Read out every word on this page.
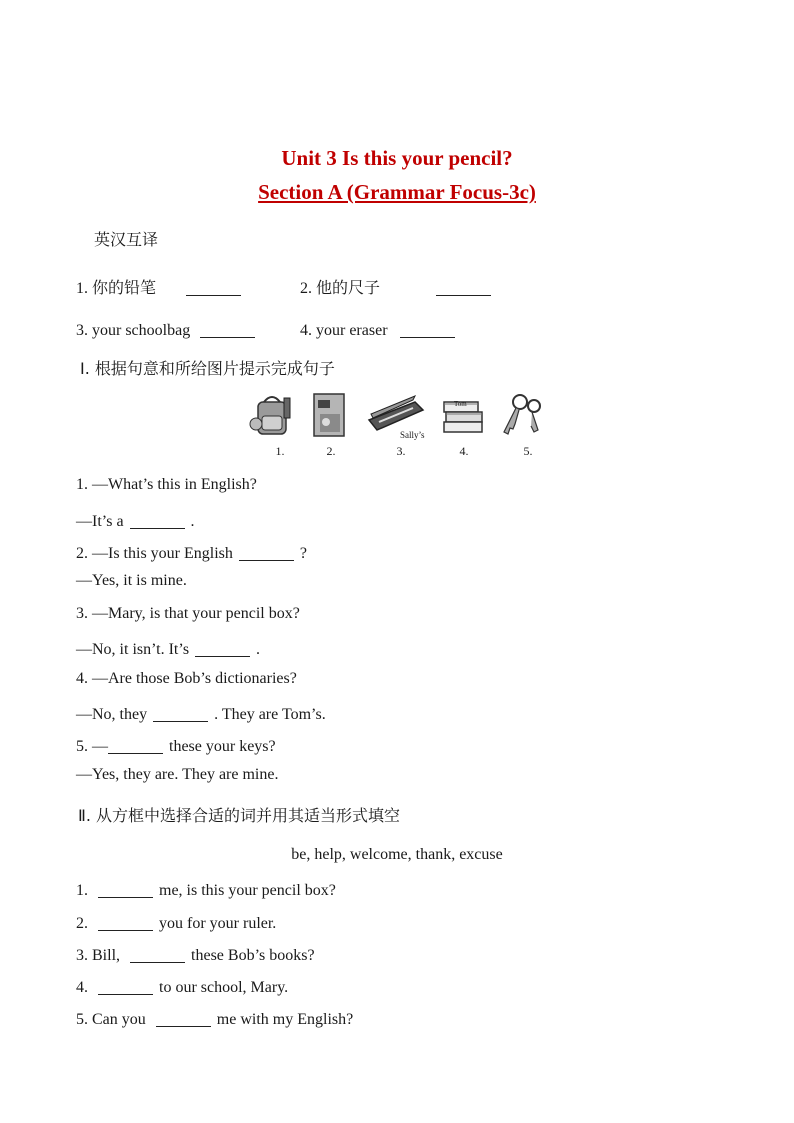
Unit 3 Is this your pencil?
Section A (Grammar Focus-3c)
英汉互译
1. 你的铅笔	2. 他的尺子
3. your schoolbag	4. your eraser
Ⅰ. 根据句意和所给图片提示完成句子
1.	2.
Sally’s
3.
Tom
4.	5.
1. —What’s this in English?
—It’s a	.
2. —Is this your English	?
—Yes, it is mine.
3. —Mary, is that your pencil box?
—No, it isn’t. It’s	.
4. —Are those Bob’s dictionaries?
—No, they	. They are Tom’s.
5. —	these your keys?
—Yes, they are. They are mine.
Ⅱ. 从方框中选择合适的词并用其适当形式填空
be, help, welcome, thank, excuse
1.	me, is this your pencil box?
2.	you for your ruler.
3. Bill,	these Bob’s books?
4.	to our school, Mary.
5. Can you	me with my English?
